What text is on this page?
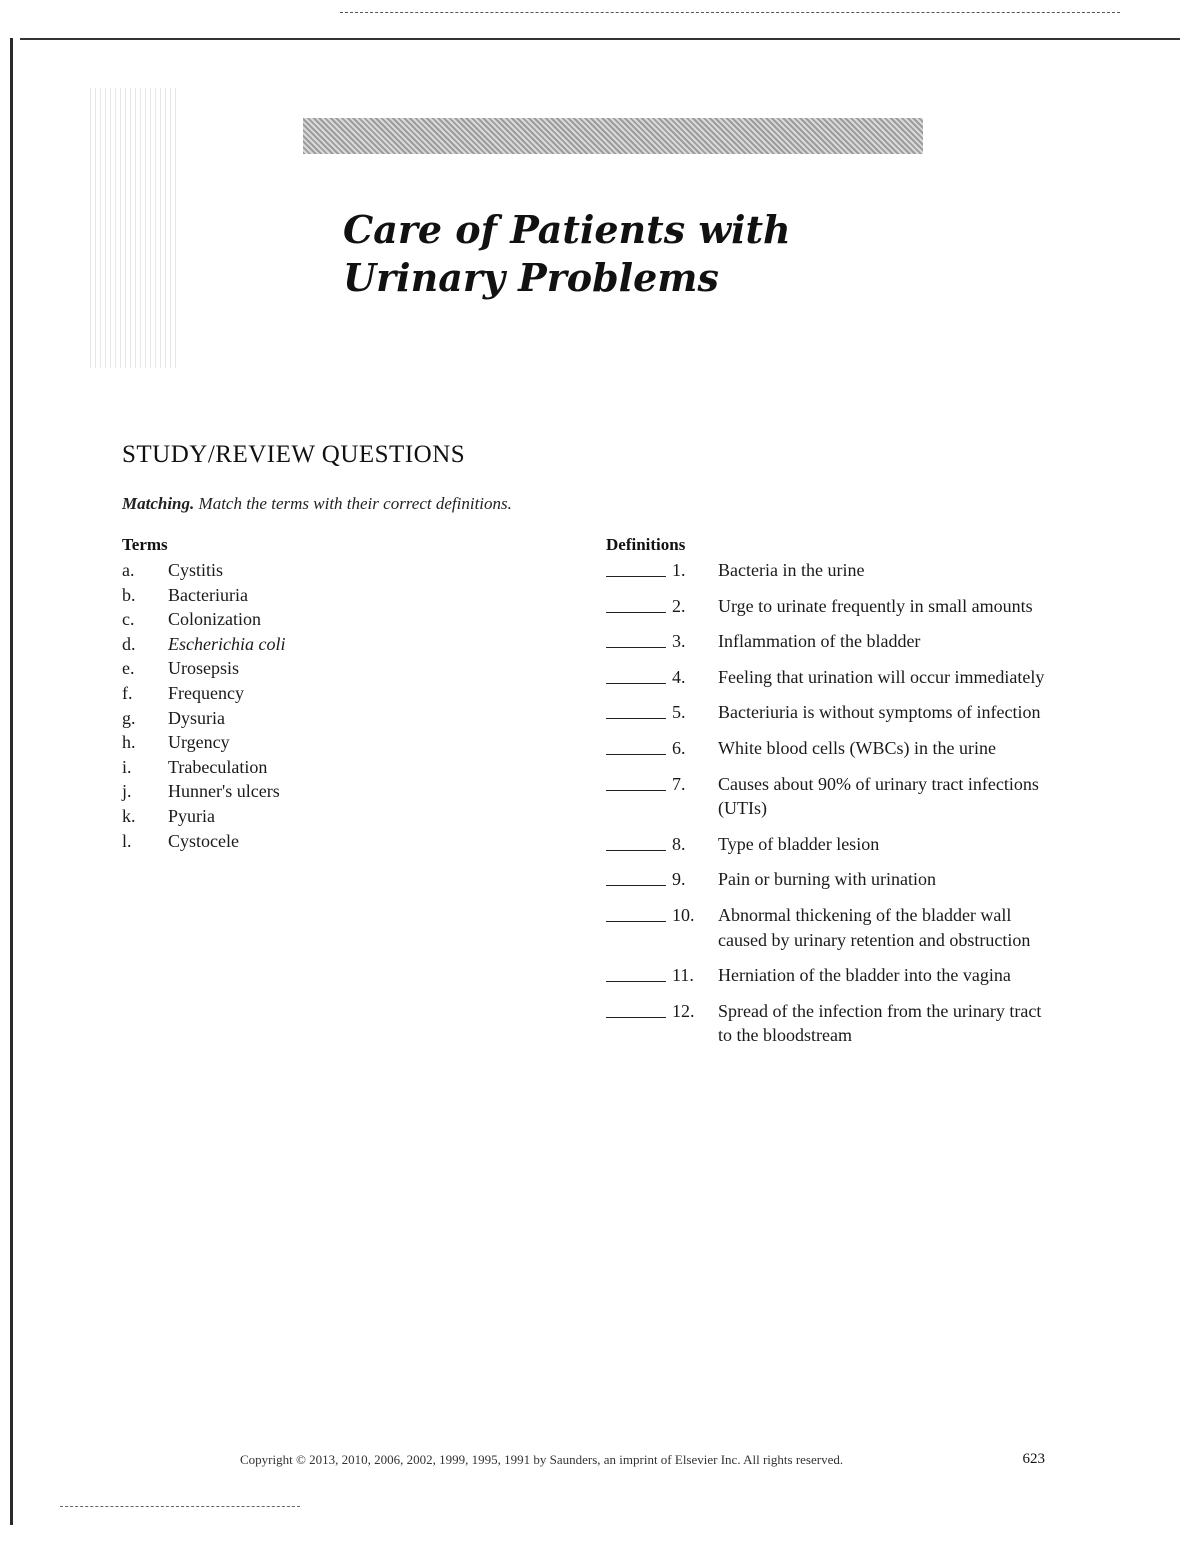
Care of Patients with
Urinary Problems
STUDY/REVIEW QUESTIONS
Matching. Match the terms with their correct definitions.
Terms	Definitions
a. Cystitis
b. Bacteriuria
c. Colonization
d. Escherichia coli
e. Urosepsis
f. Frequency
g. Dysuria
h. Urgency
i. Trabeculation
j. Hunner's ulcers
k. Pyuria
l. Cystocele
1.	Bacteria in the urine
2.	Urge to urinate frequently in small amounts
3.	Inflammation of the bladder
4.	Feeling that urination will occur immediately
5.	Bacteriuria is without symptoms of infection
6.	White blood cells (WBCs) in the urine
7.	Causes about 90% of urinary tract infections (UTIs)
8.	Type of bladder lesion
9.	Pain or burning with urination
10.	Abnormal thickening of the bladder wall caused by urinary retention and obstruction
11.	Herniation of the bladder into the vagina
12.	Spread of the infection from the urinary tract to the bloodstream
Copyright © 2013, 2010, 2006, 2002, 1999, 1995, 1991 by Saunders, an imprint of Elsevier Inc. All rights reserved.	623
